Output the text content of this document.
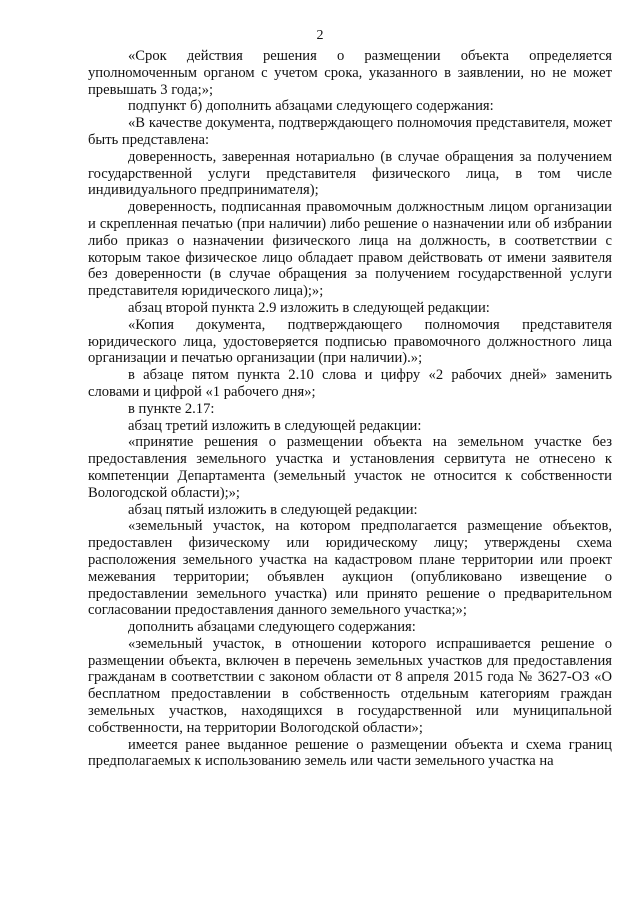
2

«Срок действия решения о размещении объекта определяется уполномоченным органом с учетом срока, указанного в заявлении, но не может превышать 3 года;»;

подпункт б) дополнить абзацами следующего содержания:

«В качестве документа, подтверждающего полномочия представителя, может быть представлена:

доверенность, заверенная нотариально (в случае обращения за получением государственной услуги представителя физического лица, в том числе индивидуального предпринимателя);

доверенность, подписанная правомочным должностным лицом организации и скрепленная печатью (при наличии) либо решение о назначении или об избрании либо приказ о назначении физического лица на должность, в соответствии с которым такое физическое лицо обладает правом действовать от имени заявителя без доверенности (в случае обращения за получением государственной услуги представителя юридического лица);»;

абзац второй пункта 2.9 изложить в следующей редакции:

«Копия документа, подтверждающего полномочия представителя юридического лица, удостоверяется подписью правомочного должностного лица организации и печатью организации (при наличии).»;

в абзаце пятом пункта 2.10 слова и цифру «2 рабочих дней» заменить словами и цифрой «1 рабочего дня»;

в пункте 2.17:

абзац третий изложить в следующей редакции:

«принятие решения о размещении объекта на земельном участке без предоставления земельного участка и установления сервитута не отнесено к компетенции Департамента (земельный участок не относится к собственности Вологодской области);»;

абзац пятый изложить в следующей редакции:

«земельный участок, на котором предполагается размещение объектов, предоставлен физическому или юридическому лицу; утверждены схема расположения земельного участка на кадастровом плане территории или проект межевания территории; объявлен аукцион (опубликовано извещение о предоставлении земельного участка) или принято решение о предварительном согласовании предоставления данного земельного участка;»;

дополнить абзацами следующего содержания:

«земельный участок, в отношении которого испрашивается решение о размещении объекта, включен в перечень земельных участков для предоставления гражданам в соответствии с законом области от 8 апреля 2015 года № 3627-ОЗ «О бесплатном предоставлении в собственность отдельным категориям граждан земельных участков, находящихся в государственной или муниципальной собственности, на территории Вологодской области»;

имеется ранее выданное решение о размещении объекта и схема границ предполагаемых к использованию земель или части земельного участка на
